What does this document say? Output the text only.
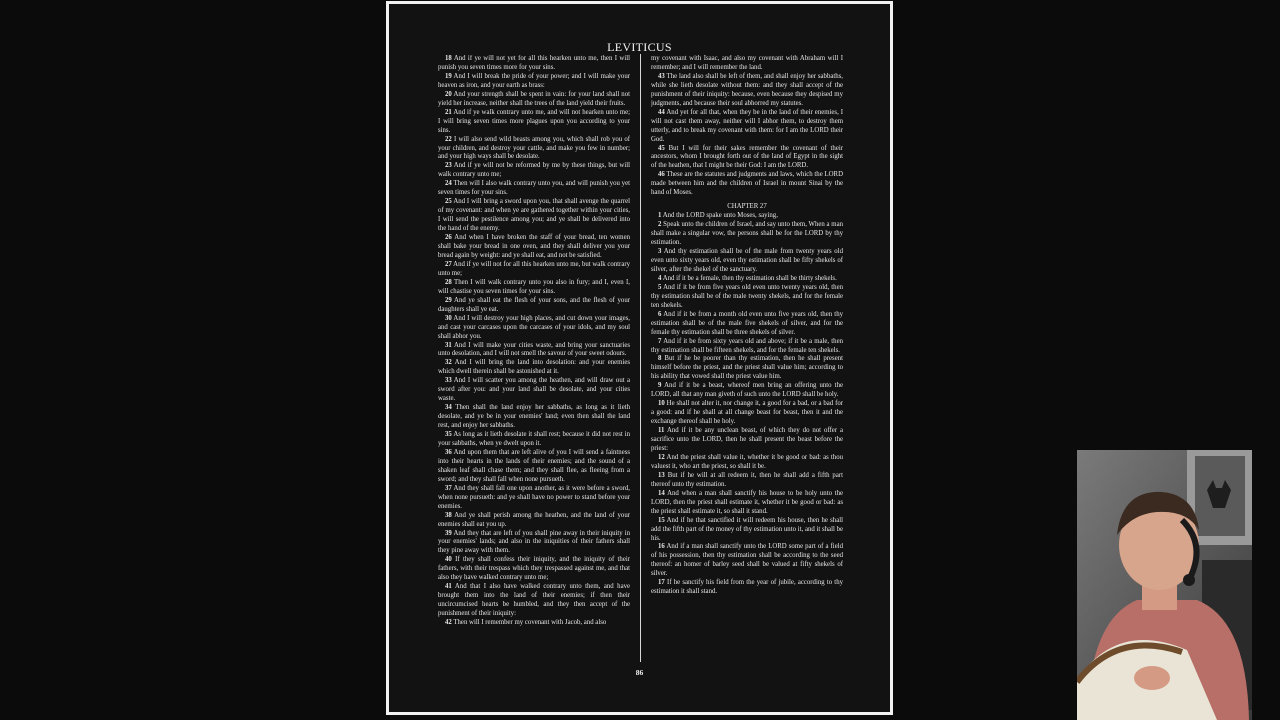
LEVITICUS

18 And if ye will not yet for all this hearken unto me, then I will punish you seven times more for your sins.

19 And I will break the pride of your power; and I will make your heaven as iron, and your earth as brass:

20 And your strength shall be spent in vain: for your land shall not yield her increase, neither shall the trees of the land yield their fruits.

21 And if ye walk contrary unto me, and will not hearken unto me; I will bring seven times more plagues upon you according to your sins.

22 I will also send wild beasts among you, which shall rob you of your children, and destroy your cattle, and make you few in number; and your high ways shall be desolate.

23 And if ye will not be reformed by me by these things, but will walk contrary unto me;

24 Then will I also walk contrary unto you, and will punish you yet seven times for your sins.

25 And I will bring a sword upon you, that shall avenge the quarrel of my covenant: and when ye are gathered together within your cities, I will send the pestilence among you; and ye shall be delivered into the hand of the enemy.

26 And when I have broken the staff of your bread, ten women shall bake your bread in one oven, and they shall deliver you your bread again by weight: and ye shall eat, and not be satisfied.

27 And if ye will not for all this hearken unto me, but walk contrary unto me;

28 Then I will walk contrary unto you also in fury; and I, even I, will chastise you seven times for your sins.

29 And ye shall eat the flesh of your sons, and the flesh of your daughters shall ye eat.

30 And I will destroy your high places, and cut down your images, and cast your carcases upon the carcases of your idols, and my soul shall abhor you.

31 And I will make your cities waste, and bring your sanctuaries unto desolation, and I will not smell the savour of your sweet odours.

32 And I will bring the land into desolation: and your enemies which dwell therein shall be astonished at it.

33 And I will scatter you among the heathen, and will draw out a sword after you: and your land shall be desolate, and your cities waste.

34 Then shall the land enjoy her sabbaths, as long as it lieth desolate, and ye be in your enemies' land; even then shall the land rest, and enjoy her sabbaths.

35 As long as it lieth desolate it shall rest; because it did not rest in your sabbaths, when ye dwelt upon it.

36 And upon them that are left alive of you I will send a faintness into their hearts in the lands of their enemies; and the sound of a shaken leaf shall chase them; and they shall flee, as fleeing from a sword; and they shall fall when none pursueth.

37 And they shall fall one upon another, as it were before a sword, when none pursueth: and ye shall have no power to stand before your enemies.

38 And ye shall perish among the heathen, and the land of your enemies shall eat you up.

39 And they that are left of you shall pine away in their iniquity in your enemies' lands; and also in the iniquities of their fathers shall they pine away with them.

40 If they shall confess their iniquity, and the iniquity of their fathers, with their trespass which they trespassed against me, and that also they have walked contrary unto me;

41 And that I also have walked contrary unto them, and have brought them into the land of their enemies; if then their uncircumcised hearts be humbled, and they then accept of the punishment of their iniquity:

42 Then will I remember my covenant with Jacob, and also

my covenant with Isaac, and also my covenant with Abraham will I remember; and I will remember the land.

43 The land also shall be left of them, and shall enjoy her sabbaths, while she lieth desolate without them: and they shall accept of the punishment of their iniquity: because, even because they despised my judgments, and because their soul abhorred my statutes.

44 And yet for all that, when they be in the land of their enemies, I will not cast them away, neither will I abhor them, to destroy them utterly, and to break my covenant with them: for I am the LORD their God.

45 But I will for their sakes remember the covenant of their ancestors, whom I brought forth out of the land of Egypt in the sight of the heathen, that I might be their God: I am the LORD.

46 These are the statutes and judgments and laws, which the LORD made between him and the children of Israel in mount Sinai by the hand of Moses.

CHAPTER 27

1 And the LORD spake unto Moses, saying,

2 Speak unto the children of Israel, and say unto them, When a man shall make a singular vow, the persons shall be for the LORD by thy estimation.

3 And thy estimation shall be of the male from twenty years old even unto sixty years old, even thy estimation shall be fifty shekels of silver, after the shekel of the sanctuary.

4 And if it be a female, then thy estimation shall be thirty shekels.

5 And if it be from five years old even unto twenty years old, then thy estimation shall be of the male twenty shekels, and for the female ten shekels.

6 And if it be from a month old even unto five years old, then thy estimation shall be of the male five shekels of silver, and for the female thy estimation shall be three shekels of silver.

7 And if it be from sixty years old and above; if it be a male, then thy estimation shall be fifteen shekels, and for the female ten shekels.

8 But if he be poorer than thy estimation, then he shall present himself before the priest, and the priest shall value him; according to his ability that vowed shall the priest value him.

9 And if it be a beast, whereof men bring an offering unto the LORD, all that any man giveth of such unto the LORD shall be holy.

10 He shall not alter it, nor change it, a good for a bad, or a bad for a good: and if he shall at all change beast for beast, then it and the exchange thereof shall be holy.

11 And if it be any unclean beast, of which they do not offer a sacrifice unto the LORD, then he shall present the beast before the priest:

12 And the priest shall value it, whether it be good or bad: as thou valuest it, who art the priest, so shall it be.

13 But if he will at all redeem it, then he shall add a fifth part thereof unto thy estimation.

14 And when a man shall sanctify his house to be holy unto the LORD, then the priest shall estimate it, whether it be good or bad: as the priest shall estimate it, so shall it stand.

15 And if he that sanctified it will redeem his house, then he shall add the fifth part of the money of thy estimation unto it, and it shall be his.

16 And if a man shall sanctify unto the LORD some part of a field of his possession, then thy estimation shall be according to the seed thereof: an homer of barley seed shall be valued at fifty shekels of silver.

17 If he sanctify his field from the year of jubile, according to thy estimation it shall stand.

86
